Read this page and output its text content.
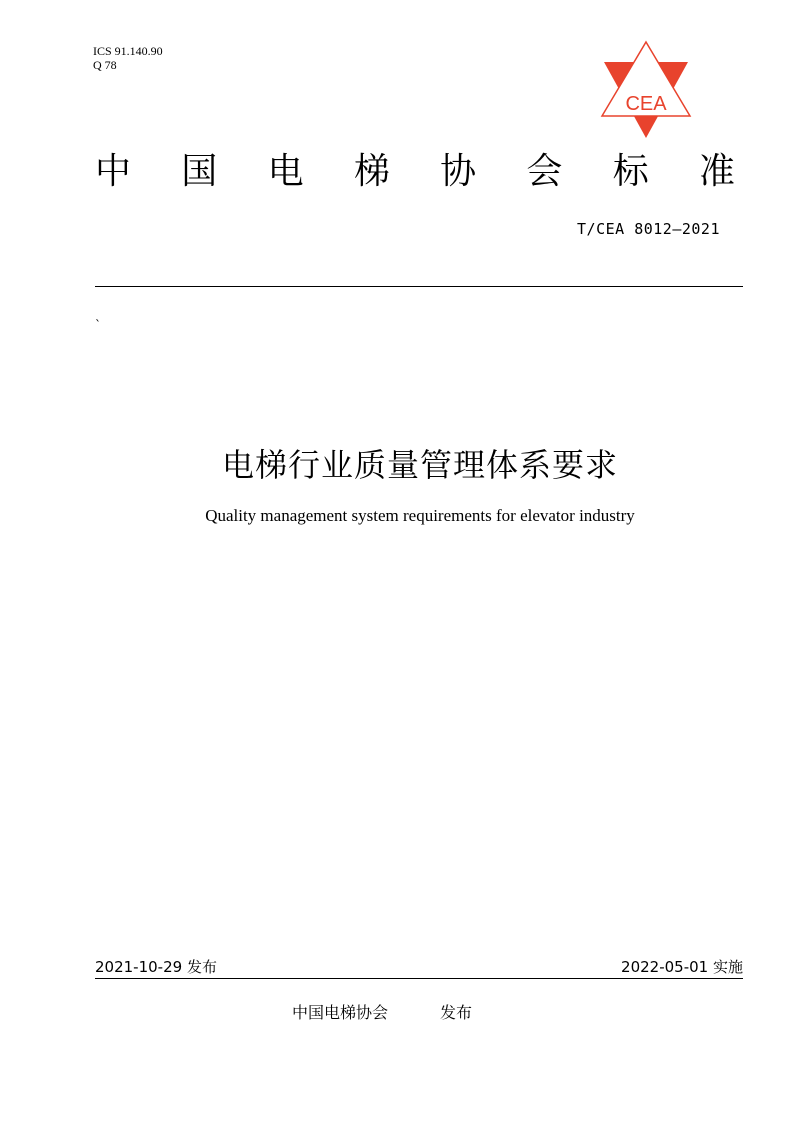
ICS 91.140.90
Q 78
CEA
中 国 电 梯 协 会 标 准
T/CEA 8012—2021
`
电梯行业质量管理体系要求
Quality management system requirements for elevator industry
2021-10-29 发布	2022-05-01 实施
中国电梯协会	发布
